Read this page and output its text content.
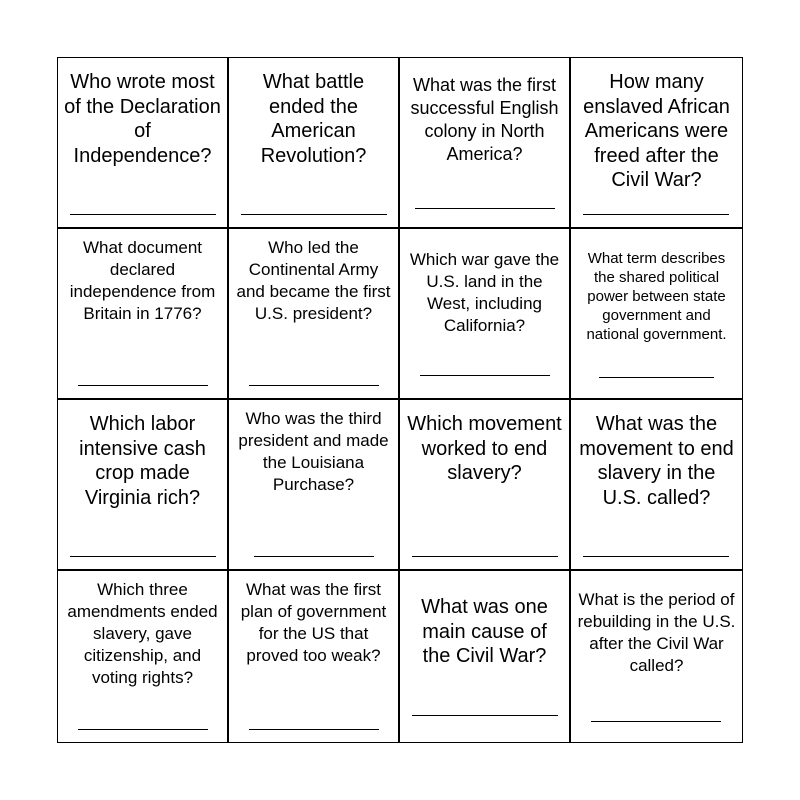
Who wrote most of the Declaration of Independence?

What battle ended the American Revolution?

What was the first successful English colony in North America?

How many enslaved African Americans were freed after the Civil War?

What document declared independence from Britain in 1776?

Who led the Continental Army and became the first U.S. president?

Which war gave the U.S. land in the West, including California?

What term describes the shared political power between state government and national government.

Which labor intensive cash crop made Virginia rich?

Who was the third president and made the Louisiana Purchase?

Which movement worked to end slavery?

What was the movement to end slavery in the U.S. called?

Which three amendments ended slavery, gave citizenship, and voting rights?

What was the first plan of government for the US that proved too weak?

What was one main cause of the Civil War?

What is the period of rebuilding in the U.S. after the Civil War called?
